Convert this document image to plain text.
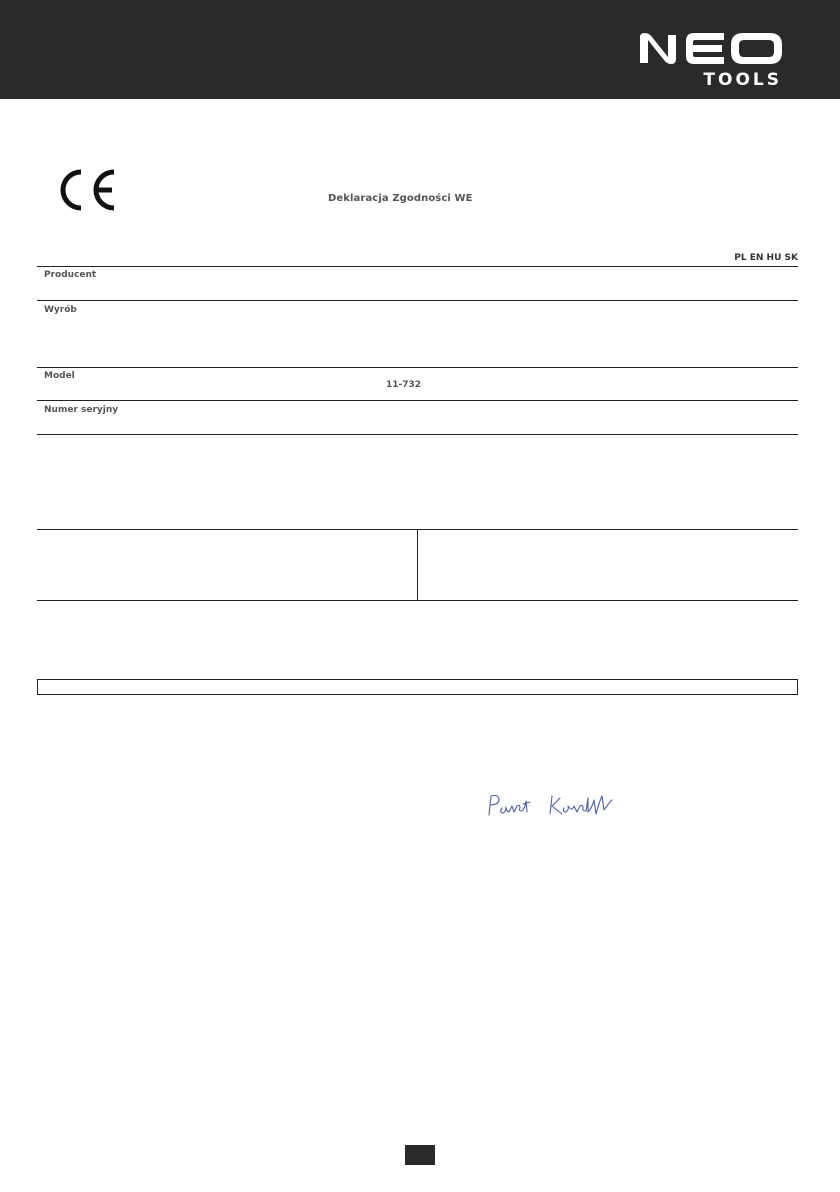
TOOLS
Deklaracja Zgodności WE
PL EN HU SK
Producent
Wyrób
Model
11-732
Numer seryjny
